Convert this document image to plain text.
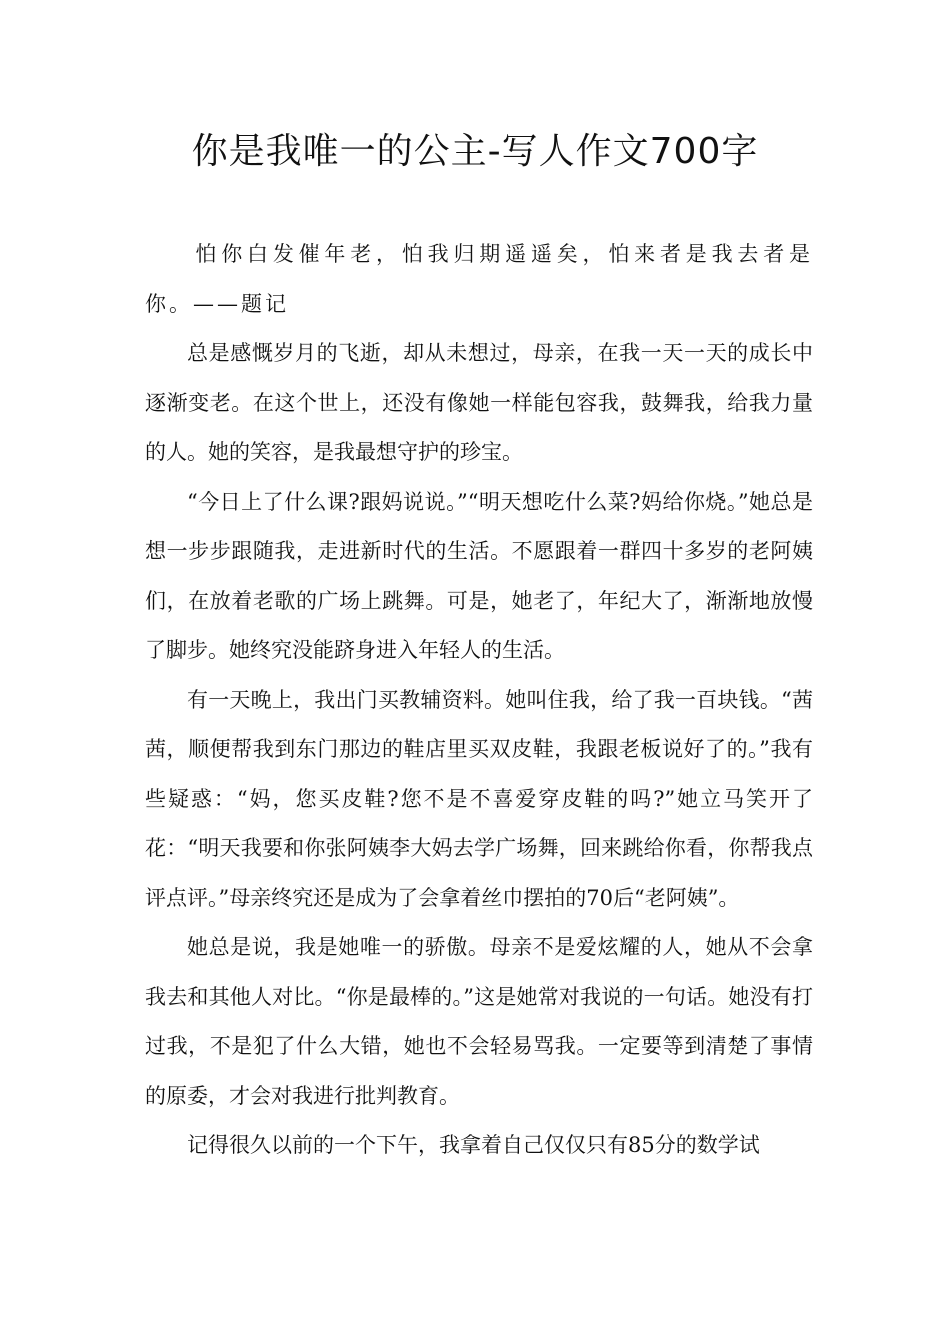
你是我唯一的公主-写人作文700字

怕你白发催年老，怕我归期遥遥矣，怕来者是我去者是你。——题记

总是感慨岁月的飞逝，却从未想过，母亲，在我一天一天的成长中逐渐变老。在这个世上，还没有像她一样能包容我，鼓舞我，给我力量的人。她的笑容，是我最想守护的珍宝。

“今日上了什么课?跟妈说说。”“明天想吃什么菜?妈给你烧。”她总是想一步步跟随我，走进新时代的生活。不愿跟着一群四十多岁的老阿姨们，在放着老歌的广场上跳舞。可是，她老了，年纪大了，渐渐地放慢了脚步。她终究没能跻身进入年轻人的生活。

有一天晚上，我出门买教辅资料。她叫住我，给了我一百块钱。“茜茜，顺便帮我到东门那边的鞋店里买双皮鞋，我跟老板说好了的。”我有些疑惑：“妈，您买皮鞋?您不是不喜爱穿皮鞋的吗?”她立马笑开了花：“明天我要和你张阿姨李大妈去学广场舞，回来跳给你看，你帮我点评点评。”母亲终究还是成为了会拿着丝巾摆拍的70后“老阿姨”。

她总是说，我是她唯一的骄傲。母亲不是爱炫耀的人，她从不会拿我去和其他人对比。“你是最棒的。”这是她常对我说的一句话。她没有打过我，不是犯了什么大错，她也不会轻易骂我。一定要等到清楚了事情的原委，才会对我进行批判教育。

记得很久以前的一个下午，我拿着自己仅仅只有85分的数学试
